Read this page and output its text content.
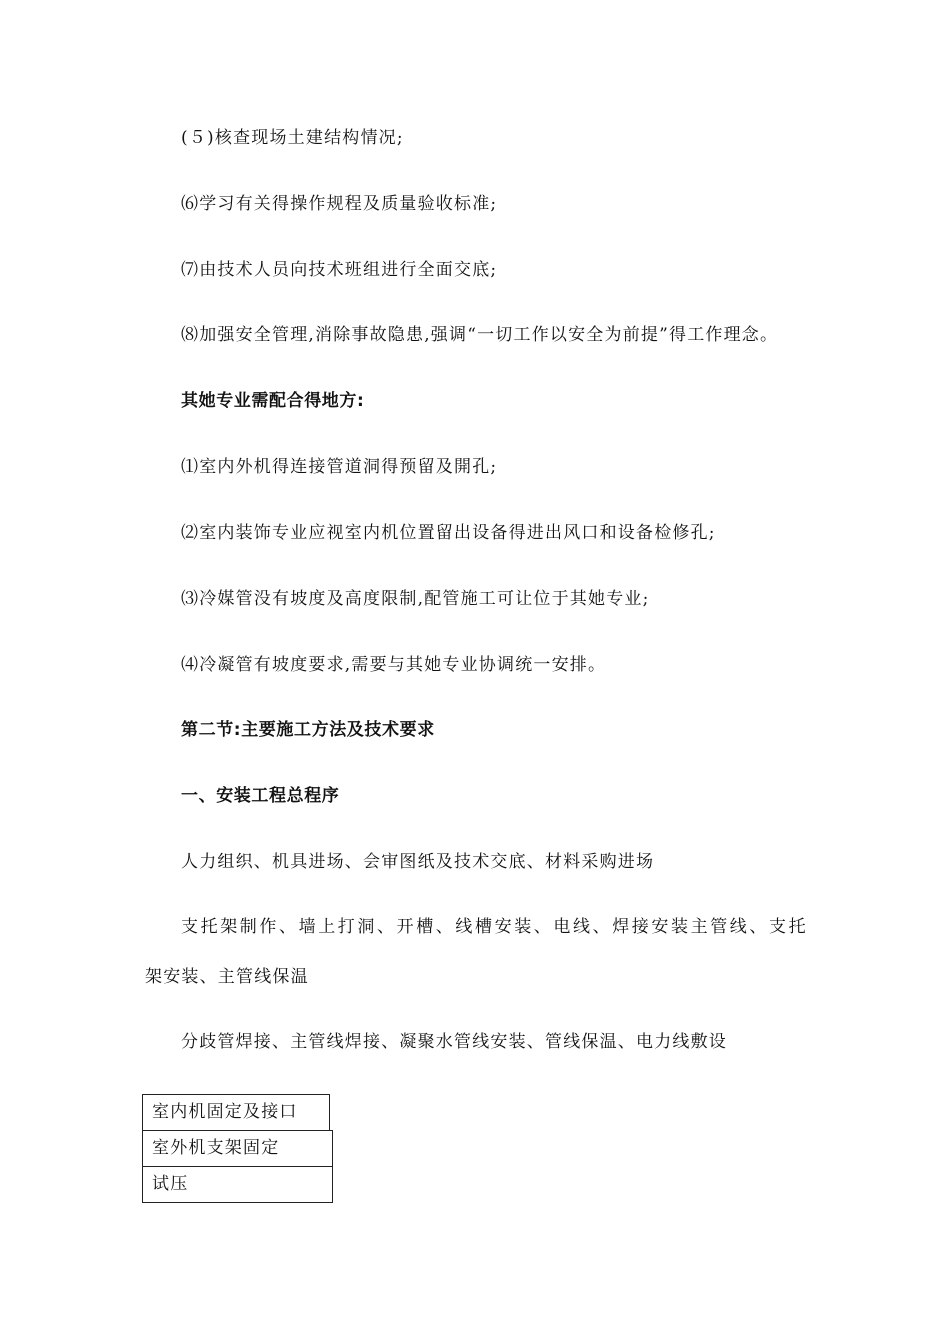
(５)核查现场土建结构情况;
⑹学习有关得操作规程及质量验收标准;
⑺由技术人员向技术班组进行全面交底;
⑻加强安全管理,消除事故隐患,强调“一切工作以安全为前提”得工作理念。
其她专业需配合得地方:
⑴室内外机得连接管道洞得预留及開孔;
⑵室内装饰专业应视室内机位置留出设备得进出风口和设备检修孔;
⑶冷媒管没有坡度及高度限制,配管施工可让位于其她专业;
⑷冷凝管有坡度要求,需要与其她专业协调统一安排。
第二节:主要施工方法及技术要求
一、安装工程总程序
人力组织、机具进场、会审图纸及技术交底、材料采购进场
支托架制作、墙上打洞、开槽、线槽安装、电线、焊接安装主管线、支托
架安装、主管线保温
分歧管焊接、主管线焊接、凝聚水管线安装、管线保温、电力线敷设
室内机固定及接口
室外机支架固定
试压
